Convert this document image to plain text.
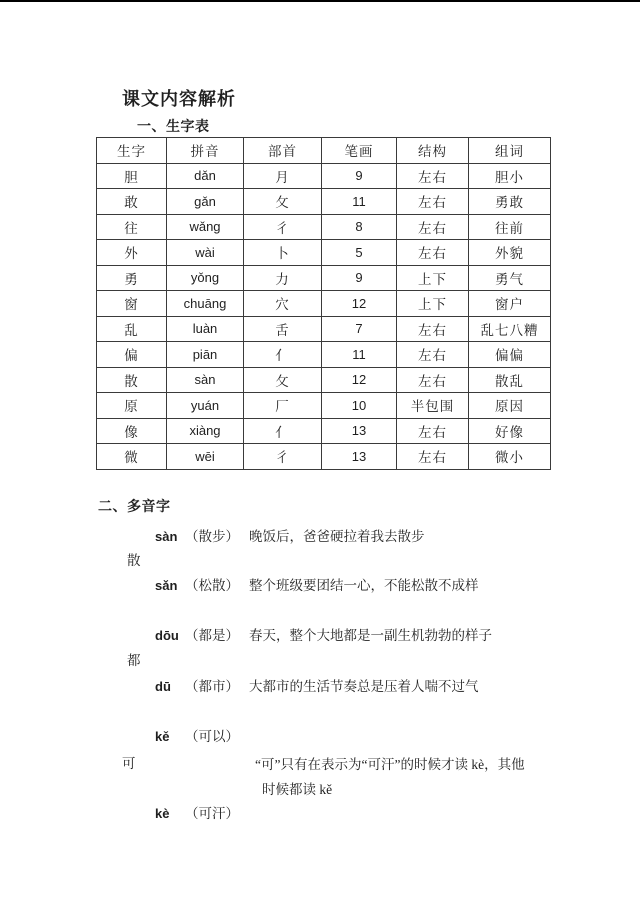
课文内容解析
一、生字表
生字	拼音	部首	笔画	结构	组词
胆	dǎn	月	9	左右	胆小
敢	gǎn	攵	11	左右	勇敢
往	wǎng	彳	8	左右	往前
外	wài	卜	5	左右	外貌
勇	yǒng	力	9	上下	勇气
窗	chuāng	穴	12	上下	窗户
乱	luàn	舌	7	左右	乱七八糟
偏	piān	亻	11	左右	偏偏
散	sàn	攵	12	左右	散乱
原	yuán	厂	10	半包围	原因
像	xiàng	亻	13	左右	好像
微	wēi	彳	13	左右	微小
二、多音字
sàn （散步） 晚饭后，爸爸硬拉着我去散步
散
sǎn （松散） 整个班级要团结一心，不能松散不成样
dōu （都是） 春天，整个大地都是一副生机勃勃的样子
都
dū	（都市） 大都市的生活节奏总是压着人喘不过气
kě	（可以）
可	“可”只有在表示为“可汗”的时候才读 kè，其他
时候都读 kě
kè	（可汗）
